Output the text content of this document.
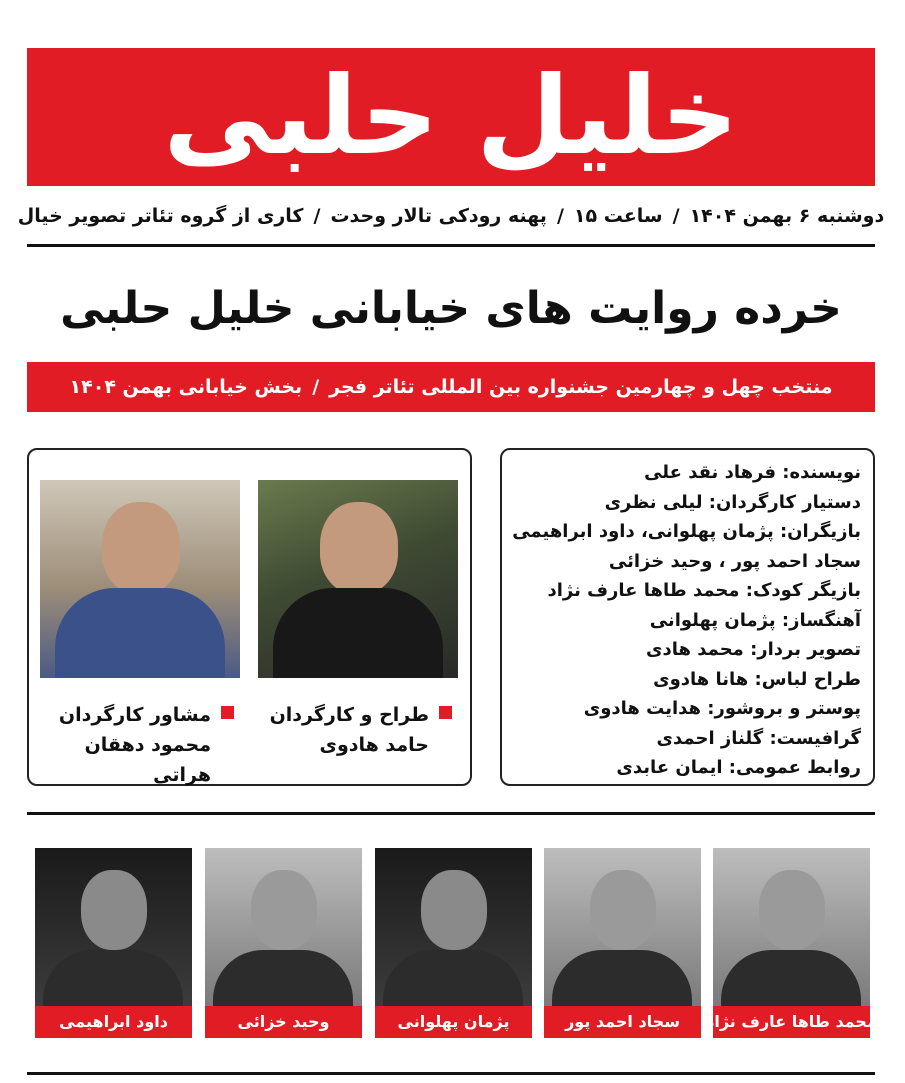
خلیل حلبی
دوشنبه ۶ بهمن ۱۴۰۴
/
ساعت ۱۵
/
پهنه رودکی تالار وحدت
/
کاری از گروه تئاتر تصویر خیال
خرده روایت های خیابانی خلیل حلبی
منتخب چهل و چهارمین جشنواره بین المللی تئاتر فجر
/
بخش خیابانی بهمن ۱۴۰۴
نویسنده: فرهاد نقد علی
دستیار کارگردان: لیلی نظری
بازیگران: پژمان پهلوانی، داود ابراهیمی
سجاد احمد پور ، وحید خزائی
بازیگر کودک: محمد طاها عارف نژاد
آهنگساز: پژمان پهلوانی
تصویر بردار: محمد هادی
طراح لباس: هانا هادوی
پوستر و بروشور: هدایت هادوی
گرافیست: گلناز احمدی
روابط عمومی: ایمان عابدی
طراح و کارگردان
حامد هادوی
مشاور کارگردان
محمود دهقان هراتی
محمد طاها عارف نژاد
سجاد احمد پور
پژمان پهلوانی
وحید خزائی
داود ابراهیمی
